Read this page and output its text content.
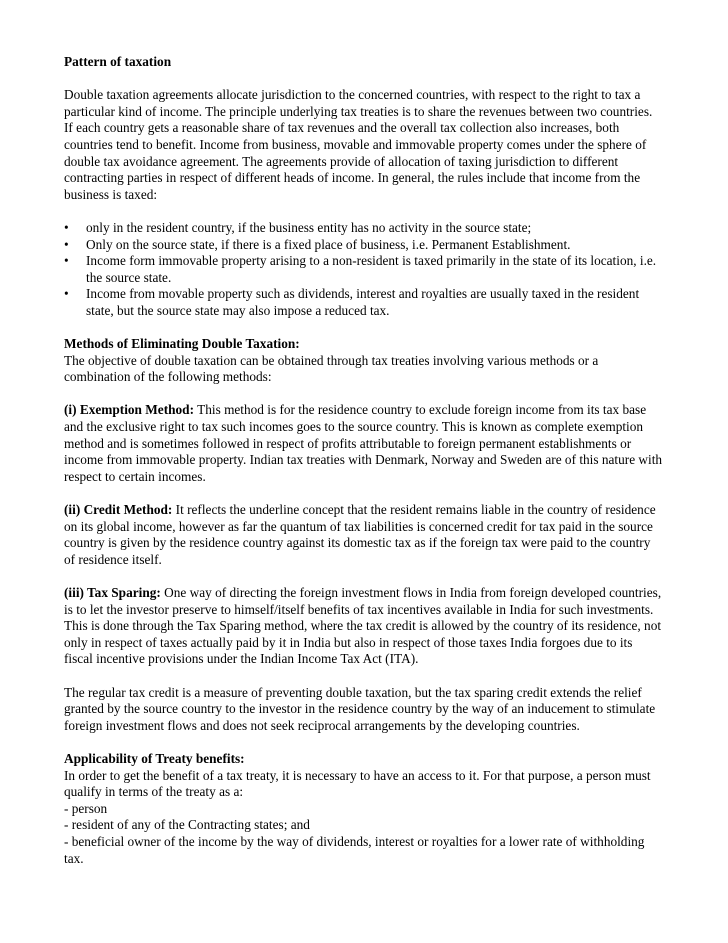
Pattern of taxation

Double taxation agreements allocate jurisdiction to the concerned countries, with respect to the right to tax a particular kind of income. The principle underlying tax treaties is to share the revenues between two countries. If each country gets a reasonable share of tax revenues and the overall tax collection also increases, both countries tend to benefit. Income from business, movable and immovable property comes under the sphere of double tax avoidance agreement. The agreements provide of allocation of taxing jurisdiction to different contracting parties in respect of different heads of income. In general, the rules include that income from the business is taxed:

• only in the resident country, if the business entity has no activity in the source state;
• Only on the source state, if there is a fixed place of business, i.e. Permanent Establishment.
• Income form immovable property arising to a non-resident is taxed primarily in the state of its location, i.e. the source state.
• Income from movable property such as dividends, interest and royalties are usually taxed in the resident state, but the source state may also impose a reduced tax.

Methods of Eliminating Double Taxation:

The objective of double taxation can be obtained through tax treaties involving various methods or a combination of the following methods:

(i) Exemption Method: This method is for the residence country to exclude foreign income from its tax base and the exclusive right to tax such incomes goes to the source country. This is known as complete exemption method and is sometimes followed in respect of profits attributable to foreign permanent establishments or income from immovable property. Indian tax treaties with Denmark, Norway and Sweden are of this nature with respect to certain incomes.

(ii) Credit Method: It reflects the underline concept that the resident remains liable in the country of residence on its global income, however as far the quantum of tax liabilities is concerned credit for tax paid in the source country is given by the residence country against its domestic tax as if the foreign tax were paid to the country of residence itself.

(iii) Tax Sparing: One way of directing the foreign investment flows in India from foreign developed countries, is to let the investor preserve to himself/itself benefits of tax incentives available in India for such investments. This is done through the Tax Sparing method, where the tax credit is allowed by the country of its residence, not only in respect of taxes actually paid by it in India but also in respect of those taxes India forgoes due to its fiscal incentive provisions under the Indian Income Tax Act (ITA).

The regular tax credit is a measure of preventing double taxation, but the tax sparing credit extends the relief granted by the source country to the investor in the residence country by the way of an inducement to stimulate foreign investment flows and does not seek reciprocal arrangements by the developing countries.

Applicability of Treaty benefits:

In order to get the benefit of a tax treaty, it is necessary to have an access to it. For that purpose, a person must qualify in terms of the treaty as a:

- person
- resident of any of the Contracting states; and
- beneficial owner of the income by the way of dividends, interest or royalties for a lower rate of withholding tax.
